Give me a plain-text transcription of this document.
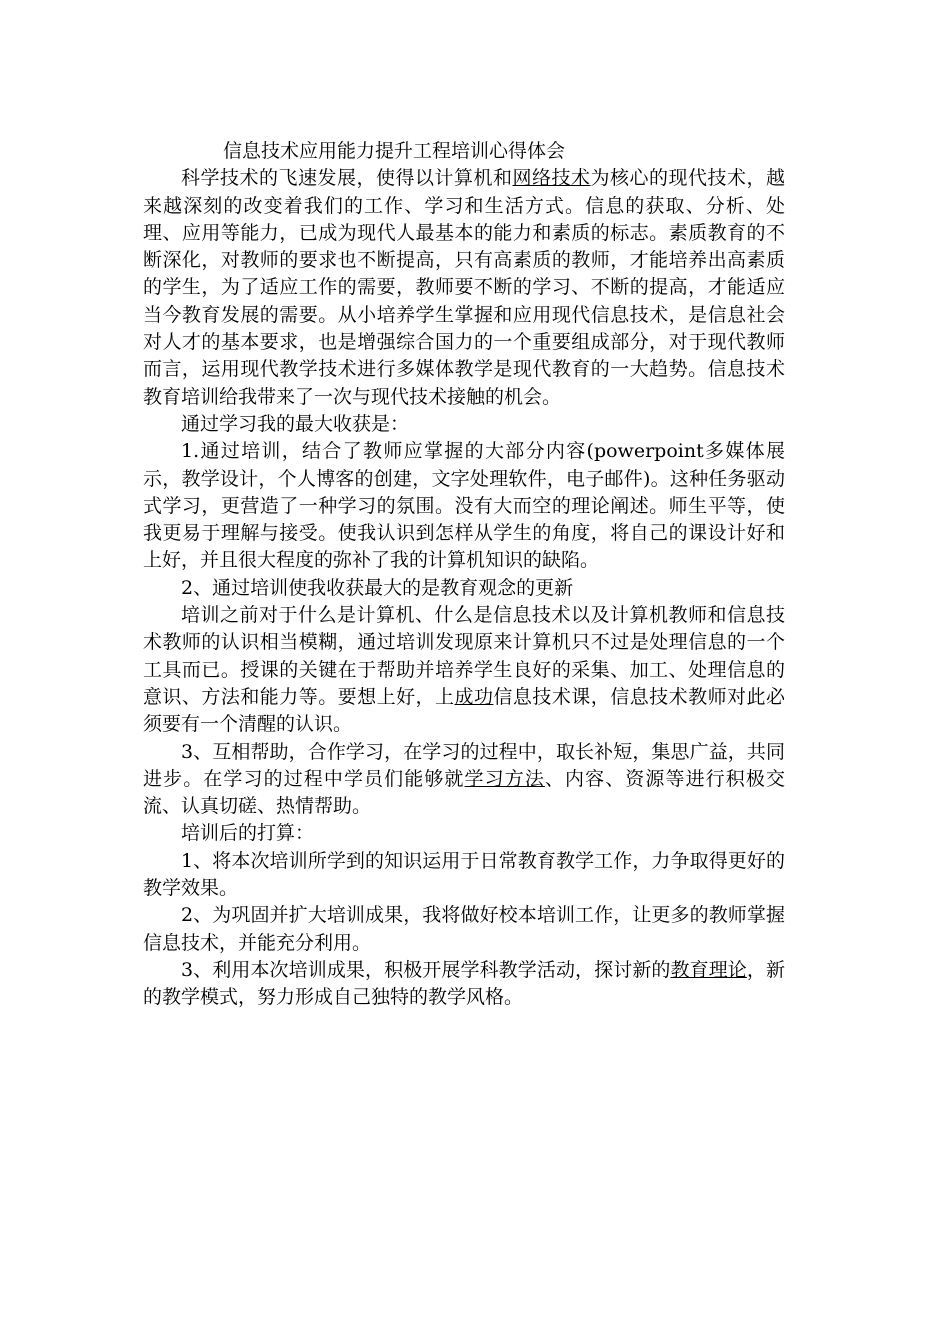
信息技术应用能力提升工程培训心得体会

科学技术的飞速发展，使得以计算机和网络技术为核心的现代技术，越来越深刻的改变着我们的工作、学习和生活方式。信息的获取、分析、处理、应用等能力，已成为现代人最基本的能力和素质的标志。素质教育的不断深化，对教师的要求也不断提高，只有高素质的教师，才能培养出高素质的学生，为了适应工作的需要，教师要不断的学习、不断的提高，才能适应当今教育发展的需要。从小培养学生掌握和应用现代信息技术，是信息社会对人才的基本要求，也是增强综合国力的一个重要组成部分，对于现代教师而言，运用现代教学技术进行多媒体教学是现代教育的一大趋势。信息技术教育培训给我带来了一次与现代技术接触的机会。

通过学习我的最大收获是：

1.通过培训，结合了教师应掌握的大部分内容(powerpoint多媒体展示，教学设计，个人博客的创建，文字处理软件，电子邮件)。这种任务驱动式学习，更营造了一种学习的氛围。没有大而空的理论阐述。师生平等，使我更易于理解与接受。使我认识到怎样从学生的角度，将自己的课设计好和上好，并且很大程度的弥补了我的计算机知识的缺陷。

2、通过培训使我收获最大的是教育观念的更新

培训之前对于什么是计算机、什么是信息技术以及计算机教师和信息技术教师的认识相当模糊，通过培训发现原来计算机只不过是处理信息的一个工具而已。授课的关键在于帮助并培养学生良好的采集、加工、处理信息的意识、方法和能力等。要想上好，上成功信息技术课，信息技术教师对此必须要有一个清醒的认识。

3、互相帮助，合作学习，在学习的过程中，取长补短，集思广益，共同进步。在学习的过程中学员们能够就学习方法、内容、资源等进行积极交流、认真切磋、热情帮助。

培训后的打算：

1、将本次培训所学到的知识运用于日常教育教学工作，力争取得更好的教学效果。

2、为巩固并扩大培训成果，我将做好校本培训工作，让更多的教师掌握信息技术，并能充分利用。

3、利用本次培训成果，积极开展学科教学活动，探讨新的教育理论，新的教学模式，努力形成自己独特的教学风格。
